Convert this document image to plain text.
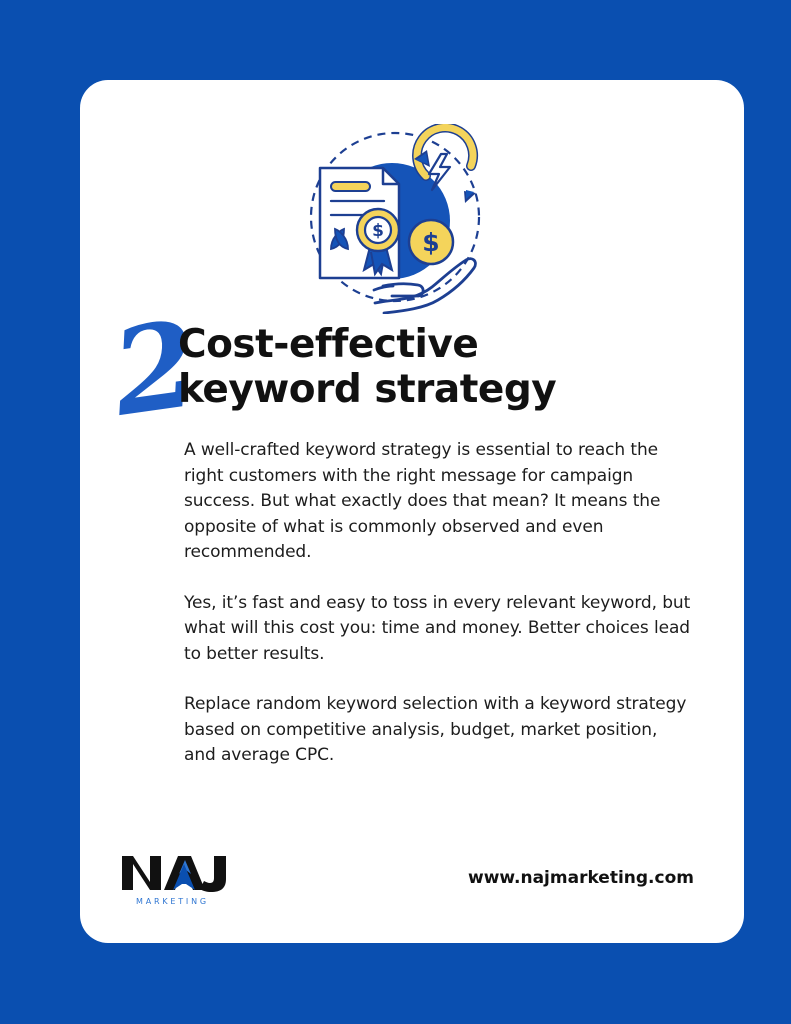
$ $
2
Cost-effective
keyword strategy

A well-crafted keyword strategy is essential to reach the right customers with the right message for campaign success. But what exactly does that mean? It means the opposite of what is commonly observed and even recommended.

Yes, it’s fast and easy to toss in every relevant keyword, but what will this cost you: time and money. Better choices lead to better results.

Replace random keyword selection with a keyword strategy based on competitive analysis, budget, market position, and average CPC.

MARKETING
www.najmarketing.com
